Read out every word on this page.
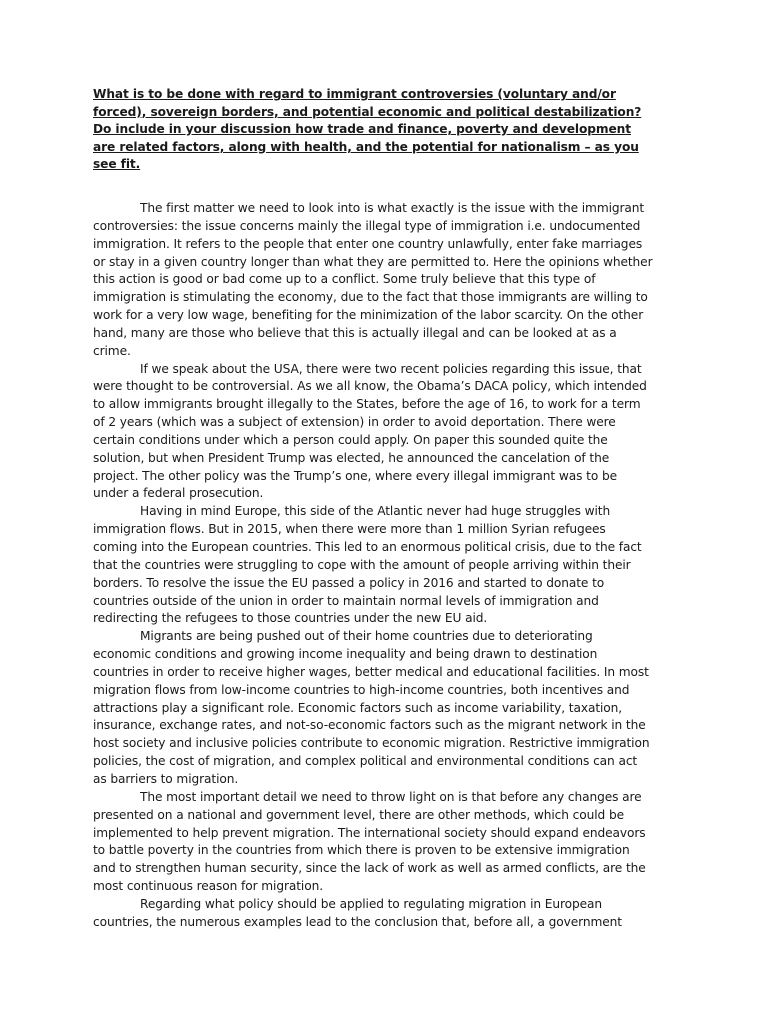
What is to be done with regard to immigrant controversies (voluntary and/or forced), sovereign borders, and potential economic and political destabilization? Do include in your discussion how trade and finance, poverty and development are related factors, along with health, and the potential for nationalism – as you see fit.

The first matter we need to look into is what exactly is the issue with the immigrant controversies: the issue concerns mainly the illegal type of immigration i.e. undocumented immigration. It refers to the people that enter one country unlawfully, enter fake marriages or stay in a given country longer than what they are permitted to. Here the opinions whether this action is good or bad come up to a conflict. Some truly believe that this type of immigration is stimulating the economy, due to the fact that those immigrants are willing to work for a very low wage, benefiting for the minimization of the labor scarcity. On the other hand, many are those who believe that this is actually illegal and can be looked at as a crime.

If we speak about the USA, there were two recent policies regarding this issue, that were thought to be controversial. As we all know, the Obama’s DACA policy, which intended to allow immigrants brought illegally to the States, before the age of 16, to work for a term of 2 years (which was a subject of extension) in order to avoid deportation. There were certain conditions under which a person could apply. On paper this sounded quite the solution, but when President Trump was elected, he announced the cancelation of the project. The other policy was the Trump’s one, where every illegal immigrant was to be under a federal prosecution.

Having in mind Europe, this side of the Atlantic never had huge struggles with immigration flows. But in 2015, when there were more than 1 million Syrian refugees coming into the European countries. This led to an enormous political crisis, due to the fact that the countries were struggling to cope with the amount of people arriving within their borders. To resolve the issue the EU passed a policy in 2016 and started to donate to countries outside of the union in order to maintain normal levels of immigration and redirecting the refugees to those countries under the new EU aid.

Migrants are being pushed out of their home countries due to deteriorating economic conditions and growing income inequality and being drawn to destination countries in order to receive higher wages, better medical and educational facilities. In most migration flows from low-income countries to high-income countries, both incentives and attractions play a significant role. Economic factors such as income variability, taxation, insurance, exchange rates, and not-so-economic factors such as the migrant network in the host society and inclusive policies contribute to economic migration. Restrictive immigration policies, the cost of migration, and complex political and environmental conditions can act as barriers to migration.

The most important detail we need to throw light on is that before any changes are presented on a national and government level, there are other methods, which could be implemented to help prevent migration. The international society should expand endeavors to battle poverty in the countries from which there is proven to be extensive immigration and to strengthen human security, since the lack of work as well as armed conflicts, are the most continuous reason for migration.

Regarding what policy should be applied to regulating migration in European countries, the numerous examples lead to the conclusion that, before all, a government
